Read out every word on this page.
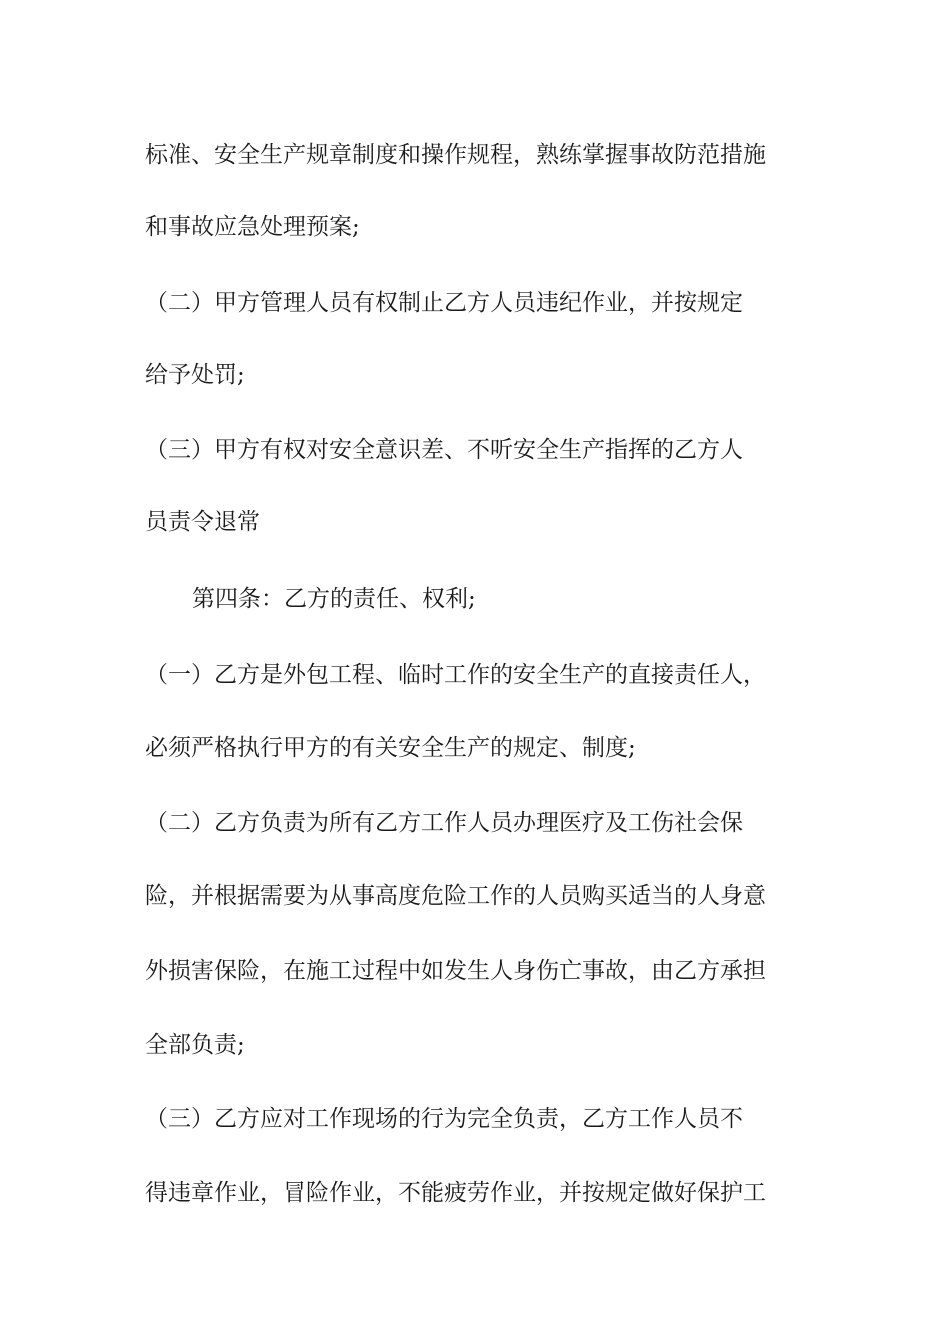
标准、安全生产规章制度和操作规程，熟练掌握事故防范措施
和事故应急处理预案;
（二）甲方管理人员有权制止乙方人员违纪作业，并按规定
给予处罚;
（三）甲方有权对安全意识差、不听安全生产指挥的乙方人
员责令退常
第四条：乙方的责任、权利;
（一）乙方是外包工程、临时工作的安全生产的直接责任人，
必须严格执行甲方的有关安全生产的规定、制度;
（二）乙方负责为所有乙方工作人员办理医疗及工伤社会保
险，并根据需要为从事高度危险工作的人员购买适当的人身意
外损害保险，在施工过程中如发生人身伤亡事故，由乙方承担
全部负责;
（三）乙方应对工作现场的行为完全负责，乙方工作人员不
得违章作业，冒险作业，不能疲劳作业，并按规定做好保护工
